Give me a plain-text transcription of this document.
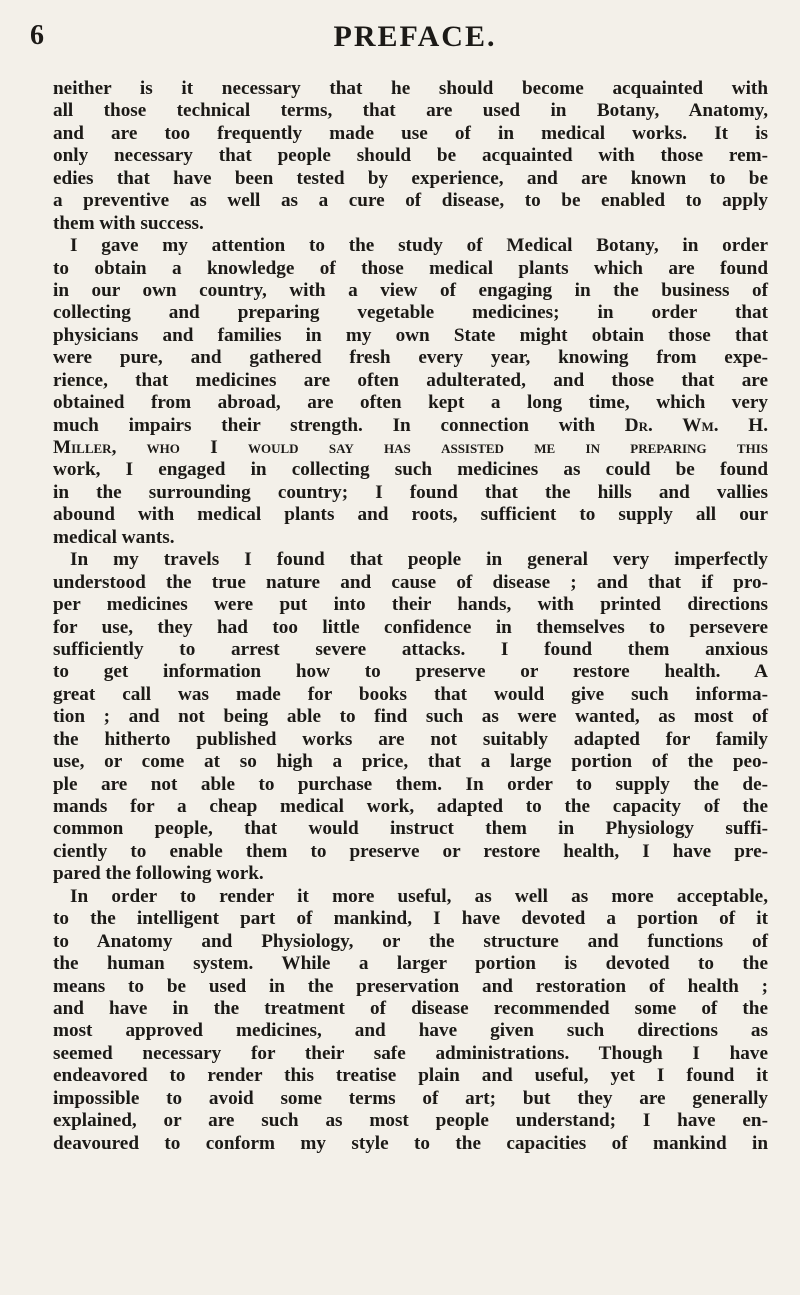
6	PREFACE.
neither is it necessary that he should become acquainted with
all those technical terms, that are used in Botany, Anatomy,
and are too frequently made use of in medical works. It is
only necessary that people should be acquainted with those rem-
edies that have been tested by experience, and are known to be
a preventive as well as a cure of disease, to be enabled to apply
them with success.
I gave my attention to the study of Medical Botany, in order
to obtain a knowledge of those medical plants which are found
in our own country, with a view of engaging in the business of
collecting and preparing vegetable medicines; in order that
physicians and families in my own State might obtain those that
were pure, and gathered fresh every year, knowing from expe-
rience, that medicines are often adulterated, and those that are
obtained from abroad, are often kept a long time, which very
much impairs their strength. In connection with Dr. Wm. H.
Miller, who I would say has assisted me in preparing this
work, I engaged in collecting such medicines as could be found
in the surrounding country; I found that the hills and vallies
abound with medical plants and roots, sufficient to supply all our
medical wants.
In my travels I found that people in general very imperfectly
understood the true nature and cause of disease ; and that if pro-
per medicines were put into their hands, with printed directions
for use, they had too little confidence in themselves to persevere
sufficiently to arrest severe attacks. I found them anxious
to get information how to preserve or restore health. A
great call was made for books that would give such informa-
tion ; and not being able to find such as were wanted, as most of
the hitherto published works are not suitably adapted for family
use, or come at so high a price, that a large portion of the peo-
ple are not able to purchase them. In order to supply the de-
mands for a cheap medical work, adapted to the capacity of the
common people, that would instruct them in Physiology suffi-
ciently to enable them to preserve or restore health, I have pre-
pared the following work.
In order to render it more useful, as well as more acceptable,
to the intelligent part of mankind, I have devoted a portion of it
to Anatomy and Physiology, or the structure and functions of
the human system. While a larger portion is devoted to the
means to be used in the preservation and restoration of health ;
and have in the treatment of disease recommended some of the
most approved medicines, and have given such directions as
seemed necessary for their safe administrations. Though I have
endeavored to render this treatise plain and useful, yet I found it
impossible to avoid some terms of art; but they are generally
explained, or are such as most people understand; I have en-
deavoured to conform my style to the capacities of mankind in
